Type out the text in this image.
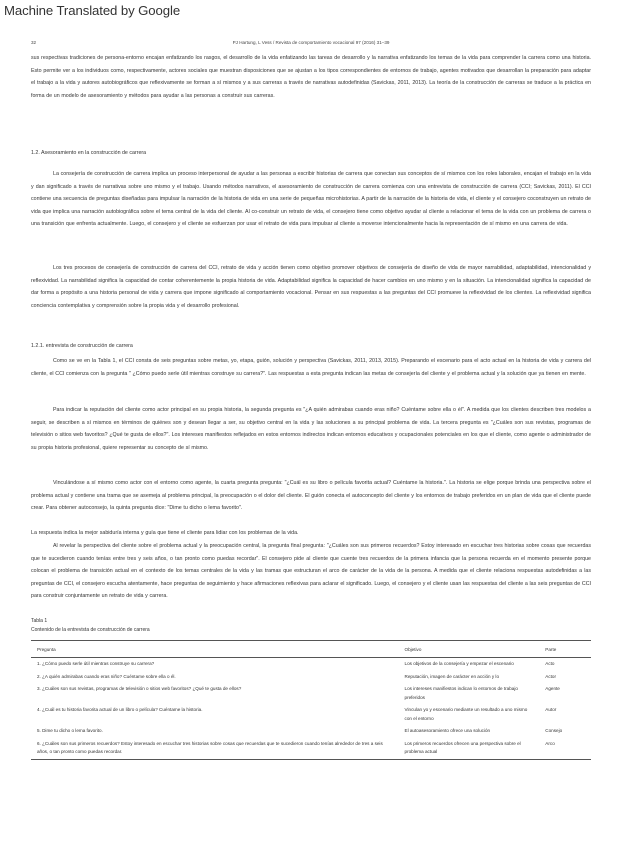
Machine Translated by Google
32	PJ Hartung, L Vess / Revista de comportamiento vocacional 97 (2016) 31–39

sus respectivas tradiciones de persona-entorno encajan enfatizando los rasgos, el desarrollo de la vida enfatizando las tareas de desarrollo y la narrativa enfatizando los temas de la vida para comprender la carrera como una historia. Esto permite ver a los individuos como, respectivamente, actores sociales que muestran disposiciones que se ajustan a los tipos correspondientes de entornos de trabajo, agentes motivados que desarrollan la preparación para adaptar el trabajo a la vida y autores autobiográficos que reflexivamente se forman a sí mismos y a sus carreras a través de narrativas autodefinidas (Savickas, 2011, 2013). La teoría de la construcción de carreras se traduce a la práctica en forma de un modelo de asesoramiento y métodos para ayudar a las personas a construir sus carreras.

1.2. Asesoramiento en la construcción de carrera

La consejería de construcción de carrera implica un proceso interpersonal de ayudar a las personas a escribir historias de carrera que conectan sus conceptos de sí mismos con los roles laborales, encajan el trabajo en la vida y dan significado a través de narrativas sobre uno mismo y el trabajo. Usando métodos narrativos, el asesoramiento de construcción de carrera comienza con una entrevista de construcción de carrera (CCI; Savickas, 2011). El CCI contiene una secuencia de preguntas diseñadas para impulsar la narración de la historia de vida en una serie de pequeñas microhistorias. A partir de la narración de la historia de vida, el cliente y el consejero coconstruyen un retrato de vida que implica una narración autobiográfica sobre el tema central de la vida del cliente. Al co-construir un retrato de vida, el consejero tiene como objetivo ayudar al cliente a relacionar el tema de la vida con un problema de carrera o una transición que enfrenta actualmente. Luego, el consejero y el cliente se esfuerzan por usar el retrato de vida para impulsar al cliente a moverse intencionalmente hacia la representación de sí mismo en una carrera de vida.

Los tres procesos de consejería de construcción de carrera del CCI, retrato de vida y acción tienen como objetivo promover objetivos de consejería de diseño de vida de mayor narrabilidad, adaptabilidad, intencionalidad y reflexividad. La narrabilidad significa la capacidad de contar coherentemente la propia historia de vida. Adaptabilidad significa la capacidad de hacer cambios en uno mismo y en la situación. La intencionalidad significa la capacidad de dar forma a propósito a una historia personal de vida y carrera que impone significado al comportamiento vocacional. Pensar en sus respuestas a las preguntas del CCI promueve la reflexividad de los clientes. La reflexividad significa conciencia contemplativa y comprensión sobre la propia vida y el desarrollo profesional.

1.2.1. entrevista de construcción de carrera

Como se ve en la Tabla 1, el CCI consta de seis preguntas sobre metas, yo, etapa, guión, solución y perspectiva (Savickas, 2011, 2013, 2015). Preparando el escenario para el acto actual en la historia de vida y carrera del cliente, el CCI comienza con la pregunta " ¿Cómo puedo serle útil mientras construye su carrera?". Las respuestas a esta pregunta indican las metas de consejería del cliente y el problema actual y la solución que ya tienen en mente.

Para indicar la reputación del cliente como actor principal en su propia historia, la segunda pregunta es "¿A quién admirabas cuando eras niño? Cuéntame sobre ella o él". A medida que los clientes describen tres modelos a seguir, se describen a sí mismos en términos de quiénes son y desean llegar a ser, su objetivo central en la vida y las soluciones a su principal problema de vida. La tercera pregunta es "¿Cuáles son sus revistas, programas de televisión o sitios web favoritos? ¿Qué te gusta de ellos?". Los intereses manifiestos reflejados en estos entornos indirectos indican entornos educativos y ocupacionales potenciales en los que el cliente, como agente o administrador de su propia historia profesional, quiere representar su concepto de sí mismo.

Vinculándose a sí mismo como actor con el entorno como agente, la cuarta pregunta pregunta: "¿Cuál es su libro o película favorita actual? Cuéntame la historia.". La historia se elige porque brinda una perspectiva sobre el problema actual y contiene una trama que se asemeja al problema principal, la preocupación o el dolor del cliente. El guión conecta el autoconcepto del cliente y los entornos de trabajo preferidos en un plan de vida que el cliente puede crear. Para obtener autoconsejo, la quinta pregunta dice: "Dime tu dicho o lema favorito".

La respuesta indica la mejor sabiduría interna y guía que tiene el cliente para lidiar con los problemas de la vida.

Al revelar la perspectiva del cliente sobre el problema actual y la preocupación central, la pregunta final pregunta: "¿Cuáles son sus primeros recuerdos? Estoy interesado en escuchar tres historias sobre cosas que recuerdas que te sucedieron cuando tenías entre tres y seis años, o tan pronto como puedas recordar". El consejero pide al cliente que cuente tres recuerdos de la primera infancia que la persona recuerda en el momento presente porque colocan el problema de transición actual en el contexto de los temas centrales de la vida y las tramas que estructuran el arco de carácter de la vida de la persona. A medida que el cliente relaciona respuestas autodefinidas a las preguntas de CCI, el consejero escucha atentamente, hace preguntas de seguimiento y hace afirmaciones reflexivas para aclarar el significado. Luego, el consejero y el cliente usan las respuestas del cliente a las seis preguntas de CCI para construir conjuntamente un retrato de vida y carrera.

Tabla 1
Contenido de la entrevista de construcción de carrera
Pregunta	Objetivo	Parte
1. ¿Cómo puedo serle útil mientras construye su carrera?	Los objetivos de la consejería y empezar el escenario	Acto
2. ¿A quién admirabas cuando eras niño? Cuéntame sobre ella o él.	Reputación, imagen de carácter en acción y lo	Actor
3. ¿Cuáles son sus revistas, programas de televisión o sitios web favoritos? ¿Qué te gusta de ellos?	Los intereses manifiestos indican lo entornos de trabajo preferidos	Agente
4. ¿Cuál es tu historia favorita actual de un libro o película? Cuéntame la historia.	Vinculan yo y escenario mediante un resultado a uno mismo con el entorno	Autor
5. Dime tu dicho o lema favorito.	El autoasesoramiento ofrece una solución	Consejo
6. ¿Cuáles son sus primeros recuerdos? Estoy interesado en escuchar tres historias sobre cosas que recuerdas que te sucedieron cuando tenías alrededor de tres a seis años, o tan pronto como puedas recordar.	Los primeros recuerdos ofrecen una perspectiva sobre el problema actual	Arco
